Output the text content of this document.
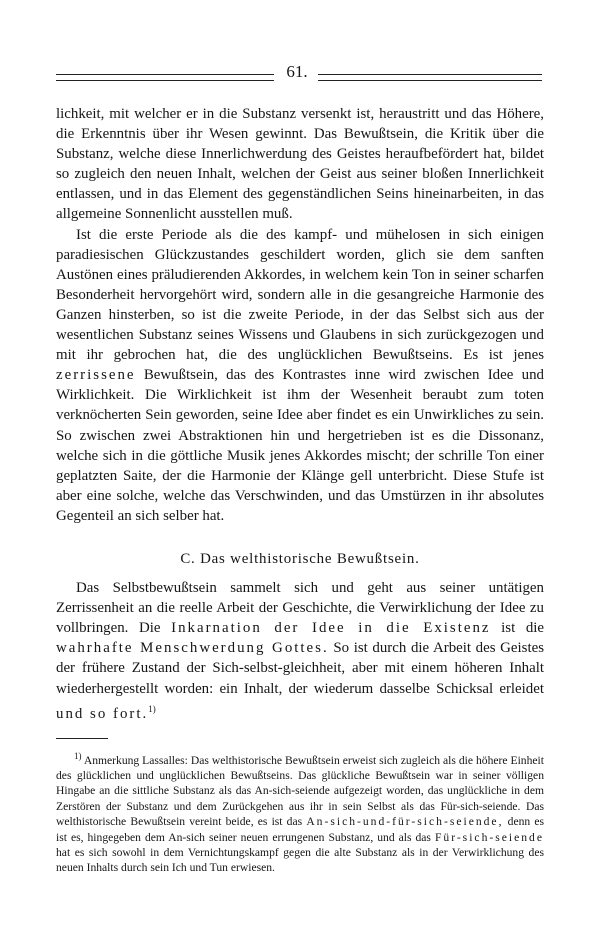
61.

lichkeit, mit welcher er in die Substanz versenkt ist, heraustritt und das Höhere, die Erkenntnis über ihr Wesen gewinnt. Das Bewußtsein, die Kritik über die Substanz, welche diese Innerlichwerdung des Geistes heraufbefördert hat, bildet so zugleich den neuen Inhalt, welchen der Geist aus seiner bloßen Innerlichkeit entlassen, und in das Element des gegenständlichen Seins hineinarbeiten, in das allgemeine Sonnenlicht ausstellen muß.

Ist die erste Periode als die des kampf- und mühelosen in sich einigen paradiesischen Glückzustandes geschildert worden, glich sie dem sanften Austönen eines präludierenden Akkordes, in welchem kein Ton in seiner scharfen Besonderheit hervorgehört wird, sondern alle in die gesangreiche Harmonie des Ganzen hinsterben, so ist die zweite Periode, in der das Selbst sich aus der wesentlichen Substanz seines Wissens und Glaubens in sich zurückgezogen und mit ihr gebrochen hat, die des unglücklichen Bewußtseins. Es ist jenes zerrissene Bewußtsein, das des Kontrastes inne wird zwischen Idee und Wirklichkeit. Die Wirklichkeit ist ihm der Wesenheit beraubt zum toten verknöcherten Sein geworden, seine Idee aber findet es ein Unwirkliches zu sein. So zwischen zwei Abstraktionen hin und hergetrieben ist es die Dissonanz, welche sich in die göttliche Musik jenes Akkordes mischt; der schrille Ton einer geplatzten Saite, der die Harmonie der Klänge gell unterbricht. Diese Stufe ist aber eine solche, welche das Verschwinden, und das Umstürzen in ihr absolutes Gegenteil an sich selber hat.

C. Das welthistorische Bewußtsein.

Das Selbstbewußtsein sammelt sich und geht aus seiner untätigen Zerrissenheit an die reelle Arbeit der Geschichte, die Verwirklichung der Idee zu vollbringen. Die Inkarnation der Idee in die Existenz ist die wahrhafte Menschwerdung Gottes. So ist durch die Arbeit des Geistes der frühere Zustand der Sich-selbst-gleichheit, aber mit einem höheren Inhalt wiederhergestellt worden: ein Inhalt, der wiederum dasselbe Schicksal erleidet und so fort.$^{1)}$

$^{1)}$ Anmerkung Lassalles: Das welthistorische Bewußtsein erweist sich zugleich als die höhere Einheit des glücklichen und unglücklichen Bewußtseins. Das glückliche Bewußtsein war in seiner völligen Hingabe an die sittliche Substanz als das An-sich-seiende aufgezeigt worden, das unglückliche in dem Zerstören der Substanz und dem Zurückgehen aus ihr in sein Selbst als das Für-sich-seiende. Das welthistorische Bewußtsein vereint beide, es ist das An-sich-und-für-sich-seiende, denn es ist es, hingegeben dem An-sich seiner neuen errungenen Substanz, und als das Für-sich-seiende hat es sich sowohl in dem Vernichtungskampf gegen die alte Substanz als in der Verwirklichung des neuen Inhalts durch sein Ich und Tun erwiesen.
